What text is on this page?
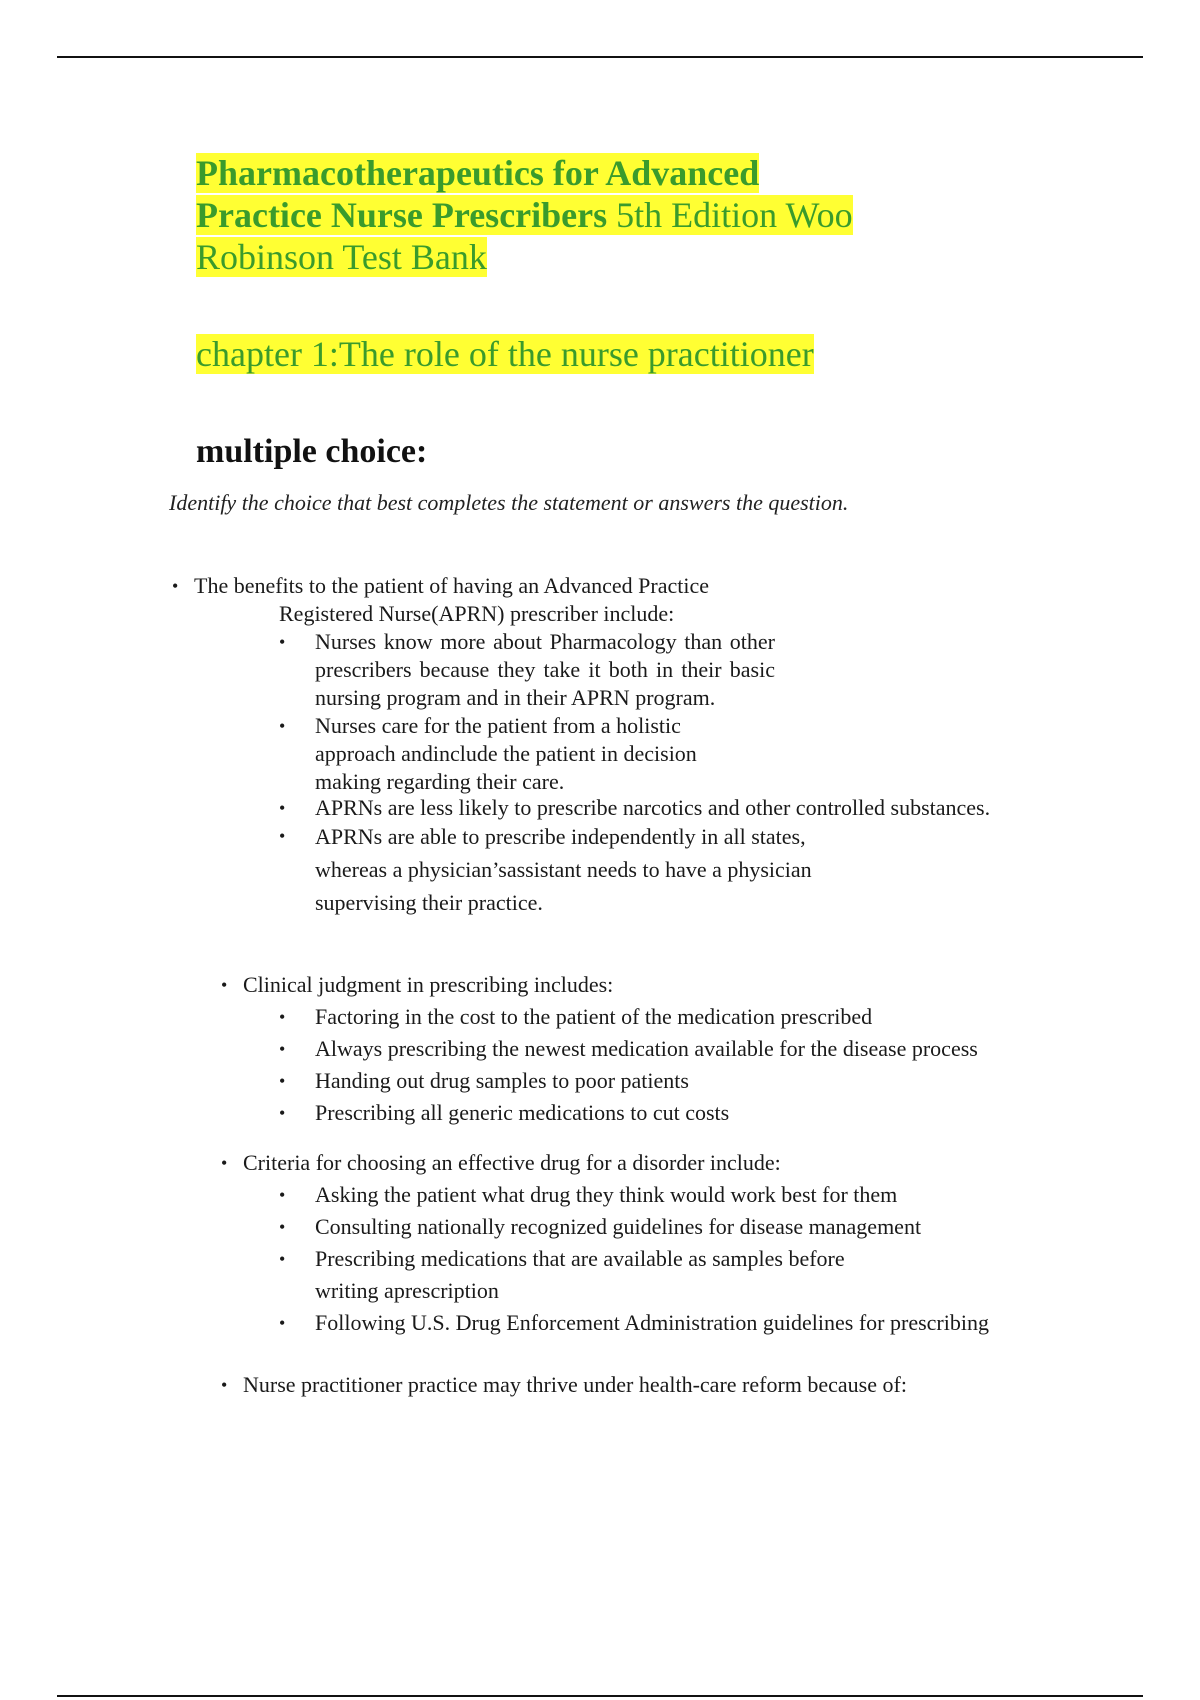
Pharmacotherapeutics for Advanced Practice Nurse Prescribers 5th Edition Woo Robinson Test Bank
chapter 1:The role of the nurse practitioner
multiple choice:

Identify the choice that best completes the statement or answers the question.

• The benefits to the patient of having an Advanced Practice
Registered Nurse(APRN) prescriber include:
• Nurses know more about Pharmacology than other prescribers because they take it both in their basic nursing program and in their APRN program.
• Nurses care for the patient from a holistic approach andinclude the patient in decision making regarding their care.
• APRNs are less likely to prescribe narcotics and other controlled substances.
• APRNs are able to prescribe independently in all states, whereas a physician’sassistant needs to have a physician supervising their practice.
• Clinical judgment in prescribing includes:
• Factoring in the cost to the patient of the medication prescribed
• Always prescribing the newest medication available for the disease process
• Handing out drug samples to poor patients
• Prescribing all generic medications to cut costs
• Criteria for choosing an effective drug for a disorder include:
• Asking the patient what drug they think would work best for them
• Consulting nationally recognized guidelines for disease management
• Prescribing medications that are available as samples before writing aprescription
• Following U.S. Drug Enforcement Administration guidelines for prescribing
• Nurse practitioner practice may thrive under health-care reform because of:
